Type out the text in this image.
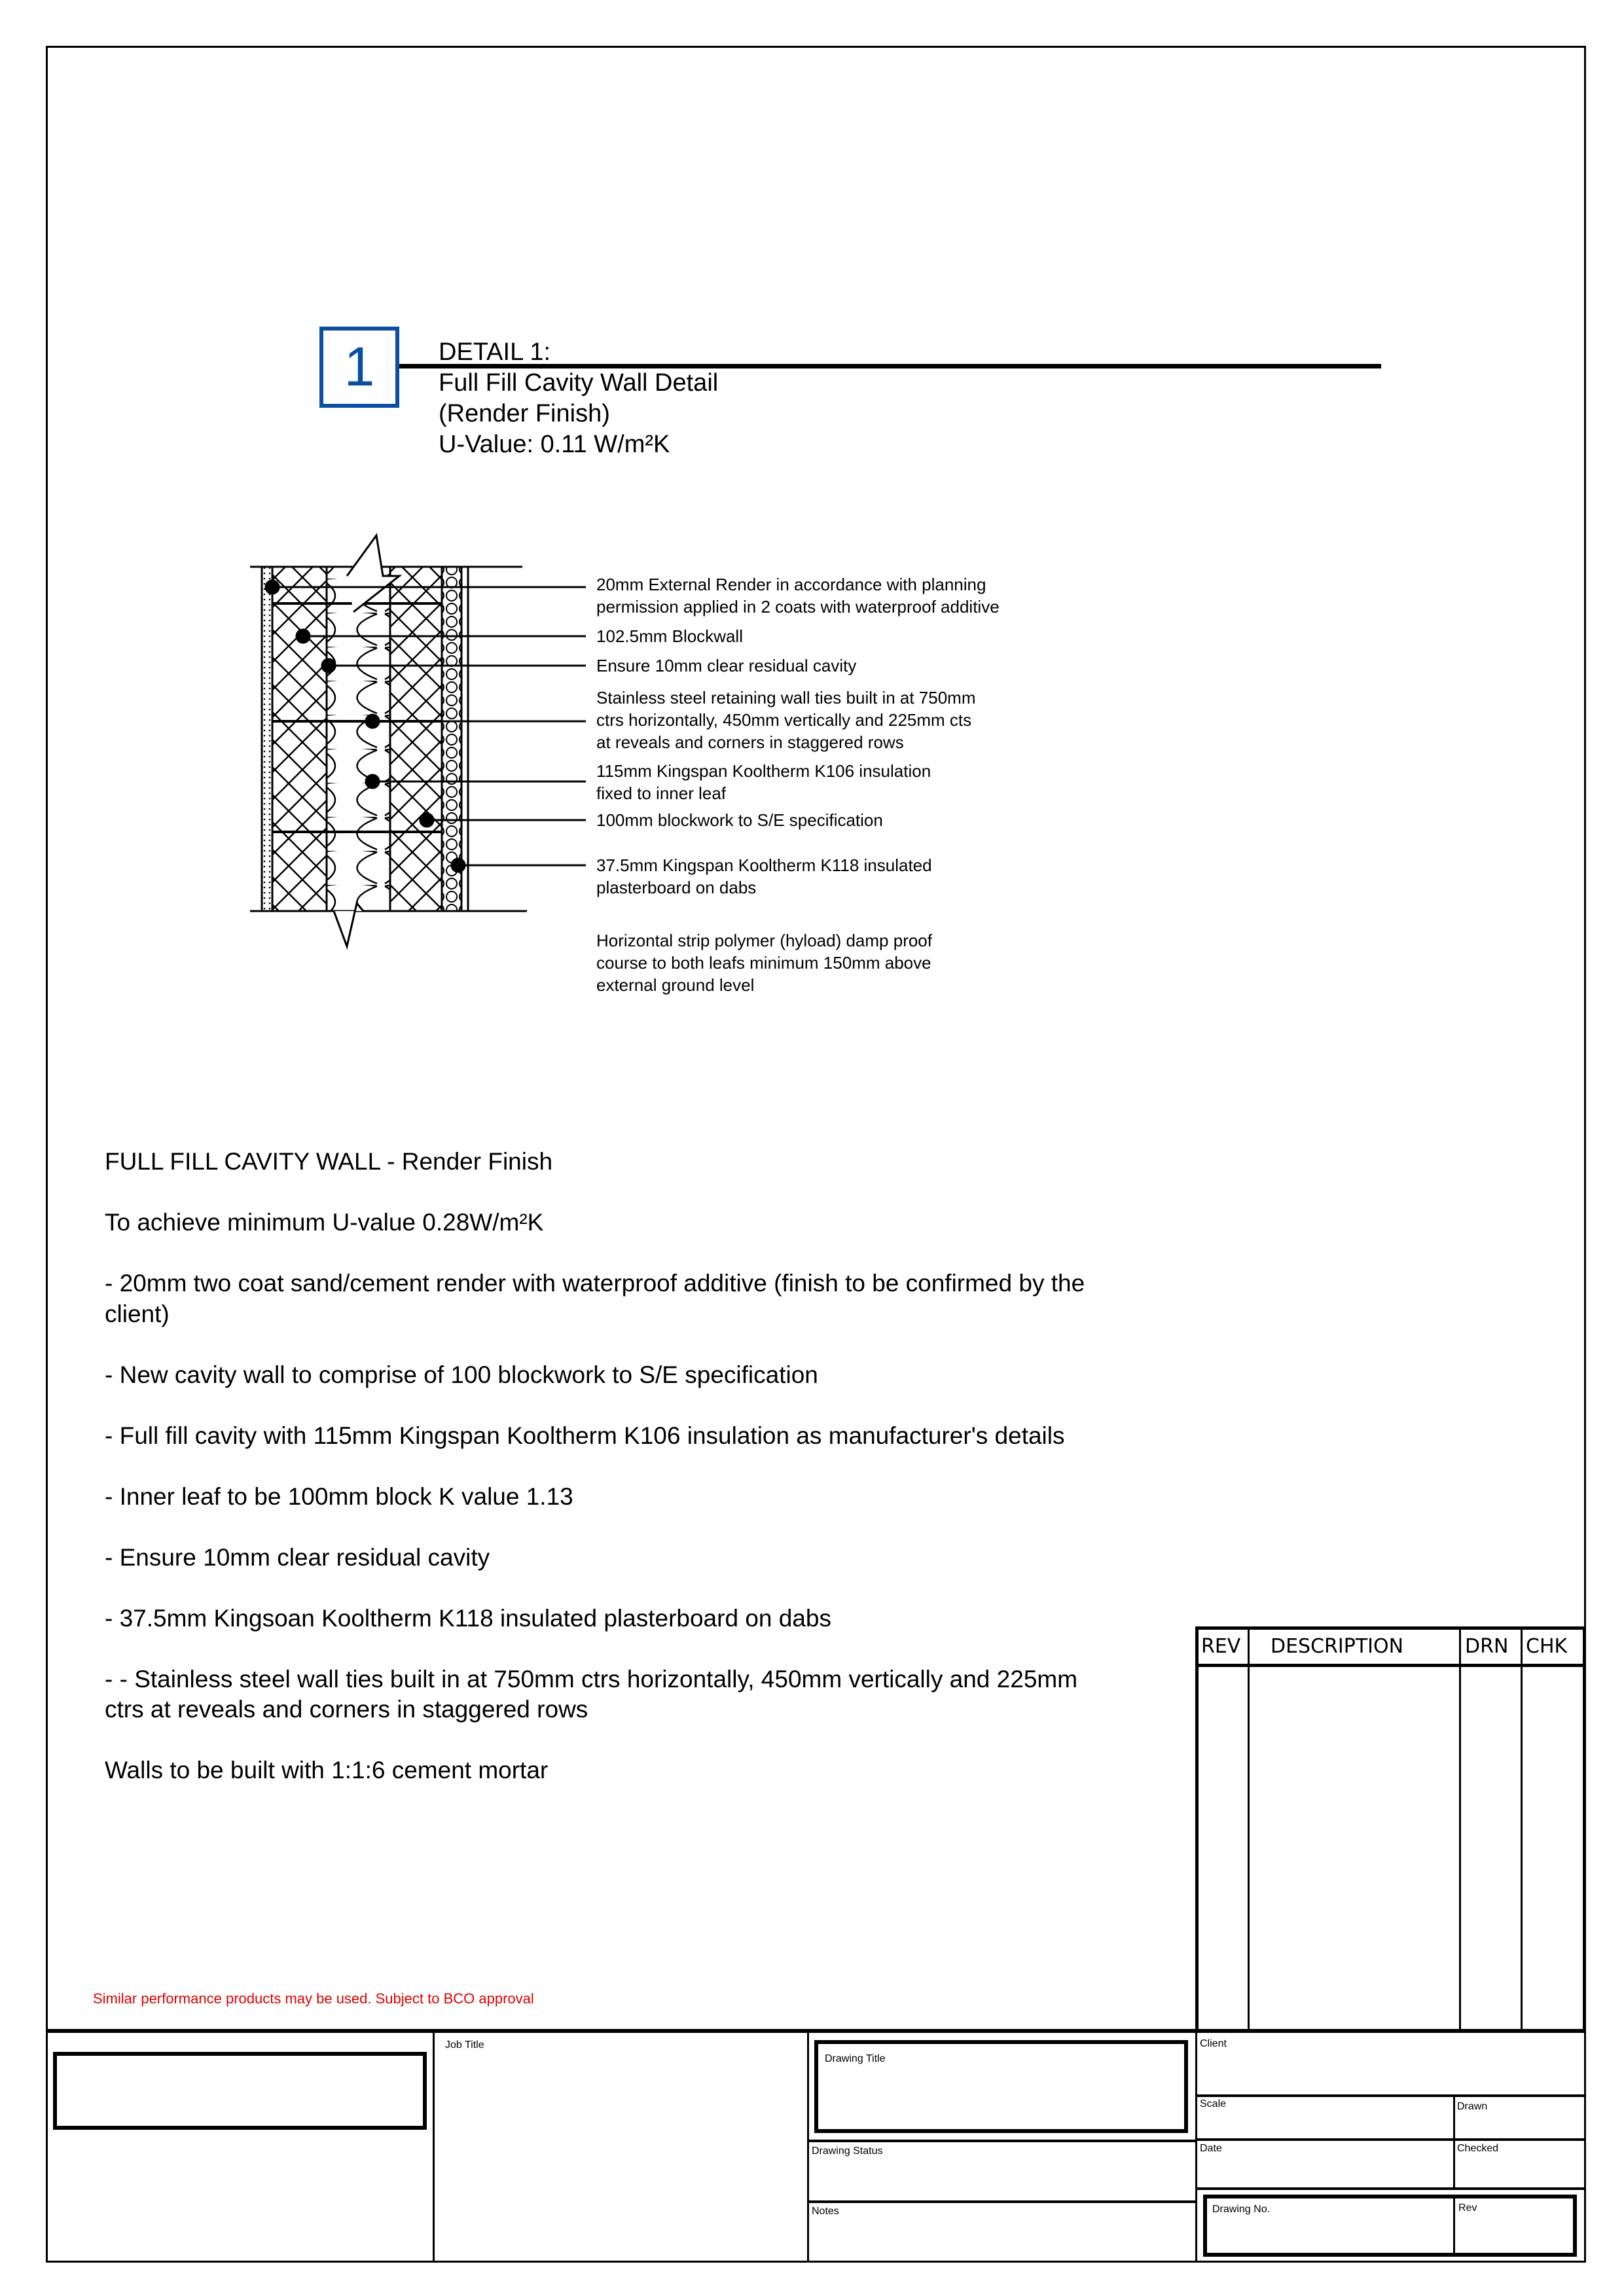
1	DETAIL 1:
Full Fill Cavity Wall Detail
(Render Finish)
U-Value: 0.11 W/m²K
20mm External Render in accordance with planning
permission applied in 2 coats with waterproof additive
102.5mm Blockwall
Ensure 10mm clear residual cavity
Stainless steel retaining wall ties built in at 750mm
ctrs horizontally, 450mm vertically and 225mm cts
at reveals and corners in staggered rows
115mm Kingspan Kooltherm K106 insulation
fixed to inner leaf
100mm blockwork to S/E specification
37.5mm Kingspan Kooltherm K118 insulated
plasterboard on dabs
Horizontal strip polymer (hyload) damp proof
course to both leafs minimum 150mm above
external ground level

FULL FILL CAVITY WALL - Render Finish

To achieve minimum U-value 0.28W/m²K

- 20mm two coat sand/cement render with waterproof additive (finish to be confirmed by the
client)

- New cavity wall to comprise of 100 blockwork to S/E specification

- Full fill cavity with 115mm Kingspan Kooltherm K106 insulation as manufacturer's details

- Inner leaf to be 100mm block K value 1.13

- Ensure 10mm clear residual cavity

- 37.5mm Kingsoan Kooltherm K118 insulated plasterboard on dabs

- - Stainless steel wall ties built in at 750mm ctrs horizontally, 450mm vertically and 225mm
ctrs at reveals and corners in staggered rows

Walls to be built with 1:1:6 cement mortar

Similar performance products may be used. Subject to BCO approval
REV DESCRIPTION	DRN CHK
Job Title
Drawing Title
Drawing Status
Notes
Client
Scale	Drawn
Date	Checked
Drawing No.	Rev
